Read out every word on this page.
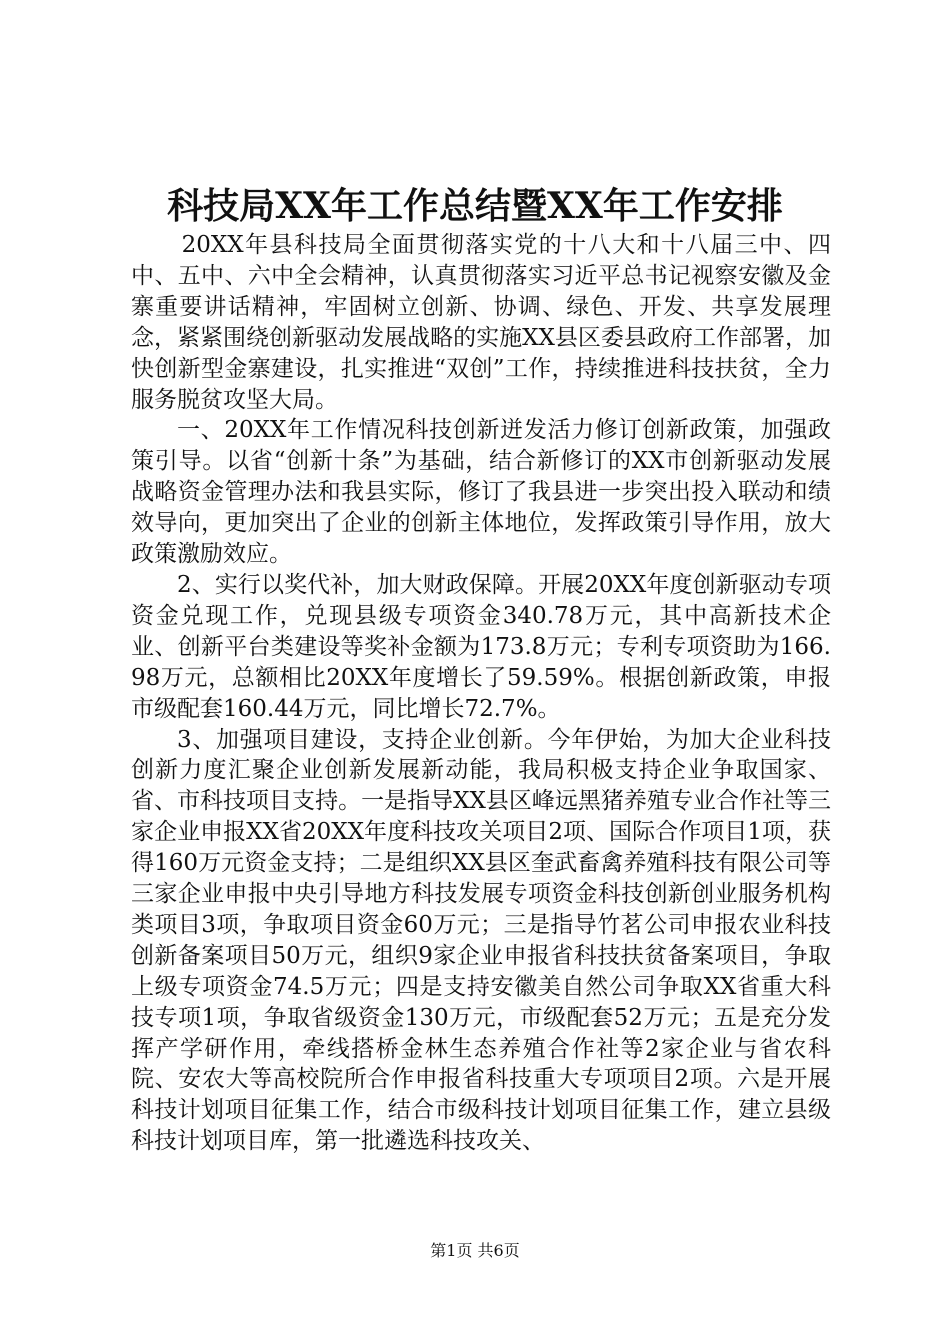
科技局XX年工作总结暨XX年工作安排

20XX年县科技局全面贯彻落实党的十八大和十八届三中、四中、五中、六中全会精神，认真贯彻落实习近平总书记视察安徽及金寨重要讲话精神，牢固树立创新、协调、绿色、开发、共享发展理念，紧紧围绕创新驱动发展战略的实施XX县区委县政府工作部署，加快创新型金寨建设，扎实推进“双创”工作，持续推进科技扶贫，全力服务脱贫攻坚大局。

一、20XX年工作情况科技创新迸发活力修订创新政策，加强政策引导。以省“创新十条”为基础，结合新修订的XX市创新驱动发展战略资金管理办法和我县实际，修订了我县进一步突出投入联动和绩效导向，更加突出了企业的创新主体地位，发挥政策引导作用，放大政策激励效应。

2、实行以奖代补，加大财政保障。开展20XX年度创新驱动专项资金兑现工作，兑现县级专项资金340.78万元，其中高新技术企业、创新平台类建设等奖补金额为173.8万元；专利专项资助为166.98万元，总额相比20XX年度增长了59.59%。根据创新政策，申报市级配套160.44万元，同比增长72.7%。

3、加强项目建设，支持企业创新。今年伊始，为加大企业科技创新力度汇聚企业创新发展新动能，我局积极支持企业争取国家、省、市科技项目支持。一是指导XX县区峰远黑猪养殖专业合作社等三家企业申报XX省20XX年度科技攻关项目2项、国际合作项目1项，获得160万元资金支持；二是组织XX县区奎武畜禽养殖科技有限公司等三家企业申报中央引导地方科技发展专项资金科技创新创业服务机构类项目3项，争取项目资金60万元；三是指导竹茗公司申报农业科技创新备案项目50万元，组织9家企业申报省科技扶贫备案项目，争取上级专项资金74.5万元；四是支持安徽美自然公司争取XX省重大科技专项1项，争取省级资金130万元，市级配套52万元；五是充分发挥产学研作用，牵线搭桥金林生态养殖合作社等2家企业与省农科院、安农大等高校院所合作申报省科技重大专项项目2项。六是开展科技计划项目征集工作，结合市级科技计划项目征集工作，建立县级科技计划项目库，第一批遴选科技攻关、

第1页 共6页
